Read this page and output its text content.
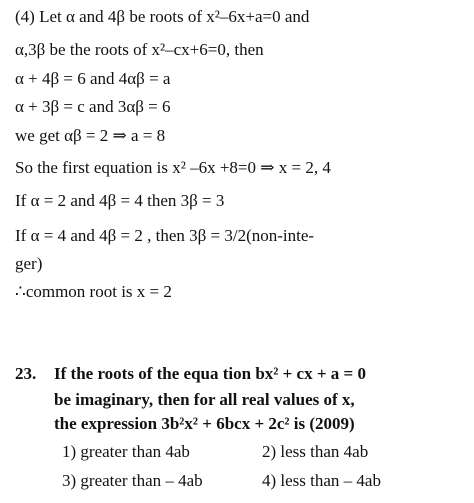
(4) Let α and 4β be roots of x²–6x+a=0 and
α,3β be the roots of x²–cx+6=0, then
α + 4β = 6 and 4αβ = a
α + 3β = c and 3αβ = 6
we get αβ = 2 ⇒ a = 8
So the first equation is x² –6x +8=0 ⇒ x = 2, 4
If α = 2 and 4β = 4 then 3β = 3
If α = 4 and 4β = 2 , then 3β = 3/2(non-inte-
ger)
∴common root is x = 2
23. If the roots of the equa tion bx² + cx + a = 0
be imaginary, then for all real values of x,
the expression 3b²x² + 6bcx + 2c² is (2009)
1) greater than 4ab	2) less than 4ab
3) greater than – 4ab	4) less than – 4ab
